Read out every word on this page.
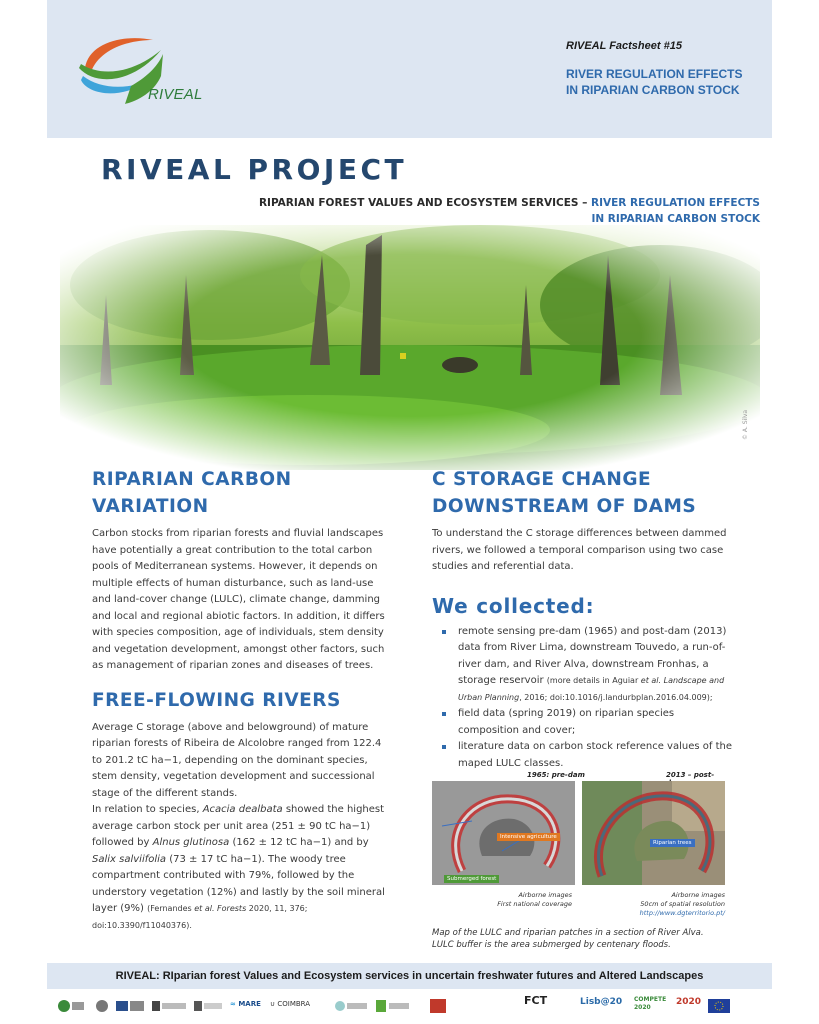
RIVEAL
RIVEAL Factsheet #15
RIVER REGULATION EFFECTS
IN RIPARIAN CARBON STOCK
RIVEAL PROJECT
RIPARIAN FOREST VALUES AND ECOSYSTEM SERVICES – RIVER REGULATION EFFECTS
IN RIPARIAN CARBON STOCK
© A. Silva
RIPARIAN CARBON
VARIATION

Carbon stocks from riparian forests and fluvial landscapes have potentially a great contribution to the total carbon pools of Mediterranean systems. However, it depends on multiple effects of human disturbance, such as land-use and land-cover change (LULC), climate change, damming and local and regional abiotic factors. In addition, it differs with species composition, age of individuals, stem density and vegetation development, amongst other factors, such as management of riparian zones and diseases of trees.

FREE-FLOWING RIVERS

Average C storage (above and belowground) of mature riparian forests of Ribeira de Alcolobre ranged from 122.4 to 201.2 tC ha−1, depending on the dominant species, stem density, vegetation development and successional stage of the different stands.

In relation to species, Acacia dealbata showed the highest average carbon stock per unit area (251 ± 90 tC ha−1) followed by Alnus glutinosa (162 ± 12 tC ha−1) and by Salix salviifolia (73 ± 17 tC ha−1). The woody tree compartment contributed with 79%, followed by the understory vegetation (12%) and lastly by the soil mineral layer (9%) (Fernandes et al. Forests 2020, 11, 376; doi:10.3390/f11040376).

C STORAGE CHANGE
DOWNSTREAM OF DAMS

To understand the C storage differences between dammed rivers, we followed a temporal comparison using two case studies and referential data.

We collected:
remote sensing pre-dam (1965) and post-dam (2013) data from River Lima, downstream Touvedo, a run-of-river dam, and River Alva, downstream Fronhas, a storage reservoir (more details in Aguiar et al. Landscape and Urban Planning, 2016; doi:10.1016/j.landurbplan.2016.04.009);
field data (spring 2019) on riparian species composition and cover;
literature data on carbon stock reference values of the maped LULC classes.
1965: pre-dam	2013 – post-
Intensive agriculture
Submerged forest
Riparian trees
Airborne images
First national coverage
Airborne images
50cm of spatial resolution
http://www.dgterritorio.pt/
Map of the LULC and riparian patches in a section of River Alva.
LULC buffer is the area submerged by centenary floods.
RIVEAL: RIparian forest Values and Ecosystem services in uncertain freshwater futures and Altered Landscapes
≈ MARE ∪ COIMBRA	FCT	Lisb@20 COMPETE 2020
2020
